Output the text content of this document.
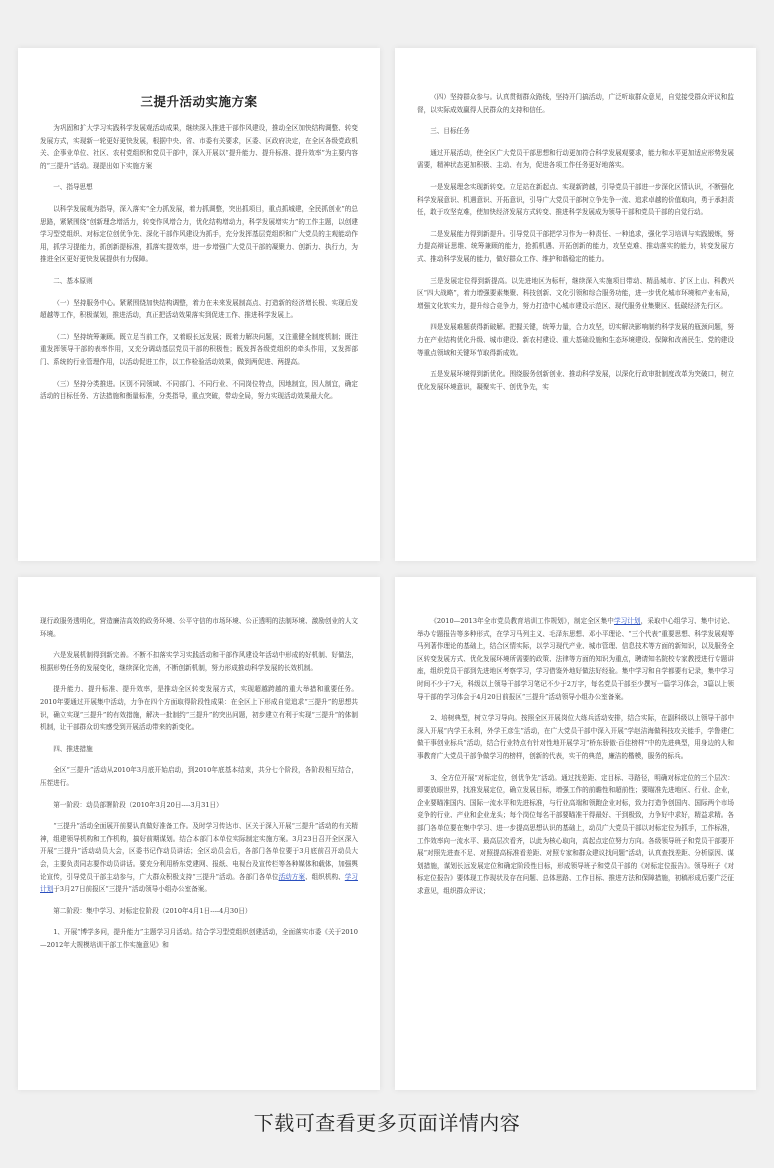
三提升活动实施方案

为巩固和扩大学习实践科学发展观活动成果，继续深入推进干部作风建设，推动全区加快结构调整、转变发展方式，实现新一轮更好更快发展，根据中央、省、市委有关要求，区委、区政府决定，在全区各级党政机关、企事业单位、社区、农村党组织和党员干部中，深入开展以“提升能力、提升标准、提升效率”为主要内容的“三提升”活动。现提出如下实施方案

一、指导思想

以科学发展观为指导，深入落实“全力抓发展，着力抓调整，突出抓项目，重点抓城建，全民抓创业”的总思路，紧紧围绕“创新理念增活力，转变作风增合力，优化结构增动力，科学发展增实力”的工作主题，以创建学习型党组织、对标定位创优争先、深化干部作风建设为抓手，充分发挥基层党组织和广大党员的主观能动作用，抓学习提能力，抓创新提标准，抓落实提效率，进一步增强广大党员干部的凝聚力、创新力、执行力，为推进全区更好更快发展提供有力保障。

二、基本原则

（一）坚持服务中心。紧紧围绕加快结构调整，着力在未来发展制高点、打造新的经济增长极、实现后发超越等工作，积极谋划，推进活动，真正把活动效果落实到促进工作、推进科学发展上。

（二）坚持统筹兼顾。既立足当前工作，又着眼长远发展；既着力解决问题，又注重健全制度机制；既注重发挥领导干部的表率作用，又充分调动基层党员干部的积极性；既发挥各级党组织的牵头作用，又发挥部门、系统的行业管理作用，以活动促进工作，以工作检验活动效果，做到两促进、两提高。

（三）坚持分类推进。区别不同领域、不同部门、不同行业、不同岗位特点，因地制宜，因人制宜，确定活动的目标任务、方法措施和衡量标准，分类指导，重点突破，带动全局，努力实现活动效果最大化。

（四）坚持群众参与。认真贯彻群众路线，坚持开门搞活动，广泛听取群众意见，自觉接受群众评议和监督，以实际成效赢得人民群众的支持和信任。

三、目标任务

通过开展活动，使全区广大党员干部思想和行动更加符合科学发展观要求，能力和水平更加适应形势发展需要，精神状态更加积极、主动、有为，促进各项工作任务更好地落实。

一是发展理念实现新转变。立足站在新起点、实现新跨越，引导党员干部进一步深化区情认识，不断强化科学发展意识、机遇意识、开拓意识，引导广大党员干部树立争先争一流、追求卓越的价值取向，勇于承担责任，敢于攻坚克难，使加快经济发展方式转变、推进科学发展成为领导干部和党员干部的自觉行动。

二是发展能力得到新提升。引导党员干部把学习作为一种责任、一种追求，强化学习培训与实践锻炼，努力提高辩证思维、统筹兼顾的能力，抢抓机遇、开拓创新的能力，攻坚克难、推动落实的能力，转变发展方式、推动科学发展的能力，做好群众工作、维护和谐稳定的能力。

三是发展定位得到新提高。以先进地区为标杆，继续深入实施项目带动、精品城市、扩区上山、科教兴区“四大战略”，着力增强要素集聚、科技创新、文化引领和综合服务功能，进一步优化城市环境和产业布局，增强文化软实力，提升综合竞争力，努力打造中心城市建设示范区、现代服务业集聚区、低碳经济先行区。

四是发展难题获得新破解。把握关键，统筹力量，合力攻坚，切实解决影响制约科学发展的瓶颈问题，努力在产业结构优化升级、城市建设、新农村建设、重大基础设施和生态环境建设、保障和改善民生、党的建设等重点领域和关键环节取得新成效。

五是发展环境得到新优化。围绕服务创新创业、推动科学发展，以深化行政审批制度改革为突破口，树立优化发展环境意识，凝聚实干、创优争先，实

现行政服务透明化，营造廉洁高效的政务环境、公平守信的市场环境、公正透明的法制环境、激励创业的人文环境。

六是发展机制得到新完善。不断不扣落实学习实践活动和干部作风建设年活动中形成的好机制、好做法，根据形势任务的发展变化，继续深化完善，不断创新机制，努力形成推动科学发展的长效机制。

提升能力、提升标准、提升效率，是推动全区转变发展方式，实现超越跨越的重大举措和重要任务。2010年要通过开展集中活动，力争在四个方面取得阶段性成果：在全区上下形成自觉追求“三提升”的思想共识，确立实现“三提升”的有效措施，解决一批制约“三提升”的突出问题，初步建立有利于实现“三提升”的体制机制，让干部群众切实感受到开展活动带来的新变化。

四、推进措施

全区“三提升”活动从2010年3月底开始启动，到2010年底基本结束，共分七个阶段，各阶段相互结合，压茬进行。

第一阶段：动员部署阶段（2010年3月20日----3月31日）

“三提升”活动全面展开前要认真做好准备工作。及时学习传达市、区关于深入开展“三提升”活动的有关精神，组建领导机构和工作机构，搞好前期谋划。结合本部门本单位实际制定实施方案。3月23日召开全区深入开展“三提升”活动动员大会，区委书记作动员讲话；全区动员会后，各部门各单位要于3月底前召开动员大会，主要负责同志要作动员讲话。要充分利用桥东党建网、报纸、电视台及宣传栏等各种媒体和载体，加强舆论宣传，引导党员干部主动参与，广大群众积极支持“三提升”活动。各部门各单位活动方案、组织机构、学习计划于3月27日前报区“三提升”活动领导小组办公室备案。

第二阶段：集中学习、对标定位阶段（2010年4月1日----4月30日）

1、开展“博学多问，提升能力”主题学习月活动。结合学习型党组织创建活动，全面落实市委《关于2010—2012年大规模培训干部工作实施意见》和

《2010—2013年全市党员教育培训工作规划》，制定全区集中学习计划，采取中心组学习、集中讨论、举办专题报告等多种形式，在学习马列主义、毛泽东思想、邓小平理论、“三个代表”重要思想、科学发展观等马列著作理论的基础上，结合区情实际，以学习现代产业、城市管理、信息技术等方面的新知识，以及服务全区转变发展方式、优化发展环境所需要的政策、法律等方面的知识为重点，聘请知名院校专家教授进行专题讲座，组织党员干部到先进地区考察学习，学习借鉴外地好做法好经验。集中学习和自学都要有记录，集中学习时间不少于7天，科级以上领导干部学习笔记不少于2万字，每名党员干部至少撰写一篇学习体会，3篇以上领导干部的学习体会于4月20日前报区“三提升”活动领导小组办公室备案。

2、培树典型，树立学习导向。按照全区开展岗位大练兵活动安排，结合实际，在副科级以上领导干部中深入开展“内学王永利，外学王彦生”活动，在广大党员干部中深入开展“学赵洁海做科技攻关能手，学鲁建仁做干事创业标兵”活动，结合行业特点有针对性地开展学习“桥东骄傲·百佳榜样”中的先进典型，用身边的人和事教育广大党员干部争做学习的榜样，创新的代表，实干的典范，廉洁的楷模，服务的标兵。

3、全方位开展“对标定位，创优争先”活动。通过找差距、定目标、寻路径，明确对标定位的三个层次：即要放眼世界，找准发展定位，确立发展目标，增强工作的前瞻性和超前性；要瞄准先进地区、行业、企业，企业要瞄准国内、国际一流水平和先进标准，与行业高端和领跑企业对标，致力打造争创国内、国际两个市场竞争的行业、产业和企业龙头；每个岗位每名干部要瞄准干得最好、干到极致，力争好中求好，精益求精。各部门各单位要在集中学习、进一步提高思想认识的基础上，动员广大党员干部以对标定位为抓手，工作标准，工作效率向一流水平、最高层次看齐，以此为核心取向，高起点定位努力方向。各级领导班子和党员干部要开展“对照先进查不足、对照提高标准看差距、对照专家和群众建议找问题”活动，认真查找差距、分析原因、谋划措施，谋划长远发展定位和确定阶段性目标，形成领导班子和党员干部的《对标定位报告》。领导班子《对标定位报告》要体现工作现状及存在问题、总体思路、工作目标、推进方法和保障措施，初稿形成后要广泛征求意见，组织群众评议；

下载可查看更多页面详情内容
